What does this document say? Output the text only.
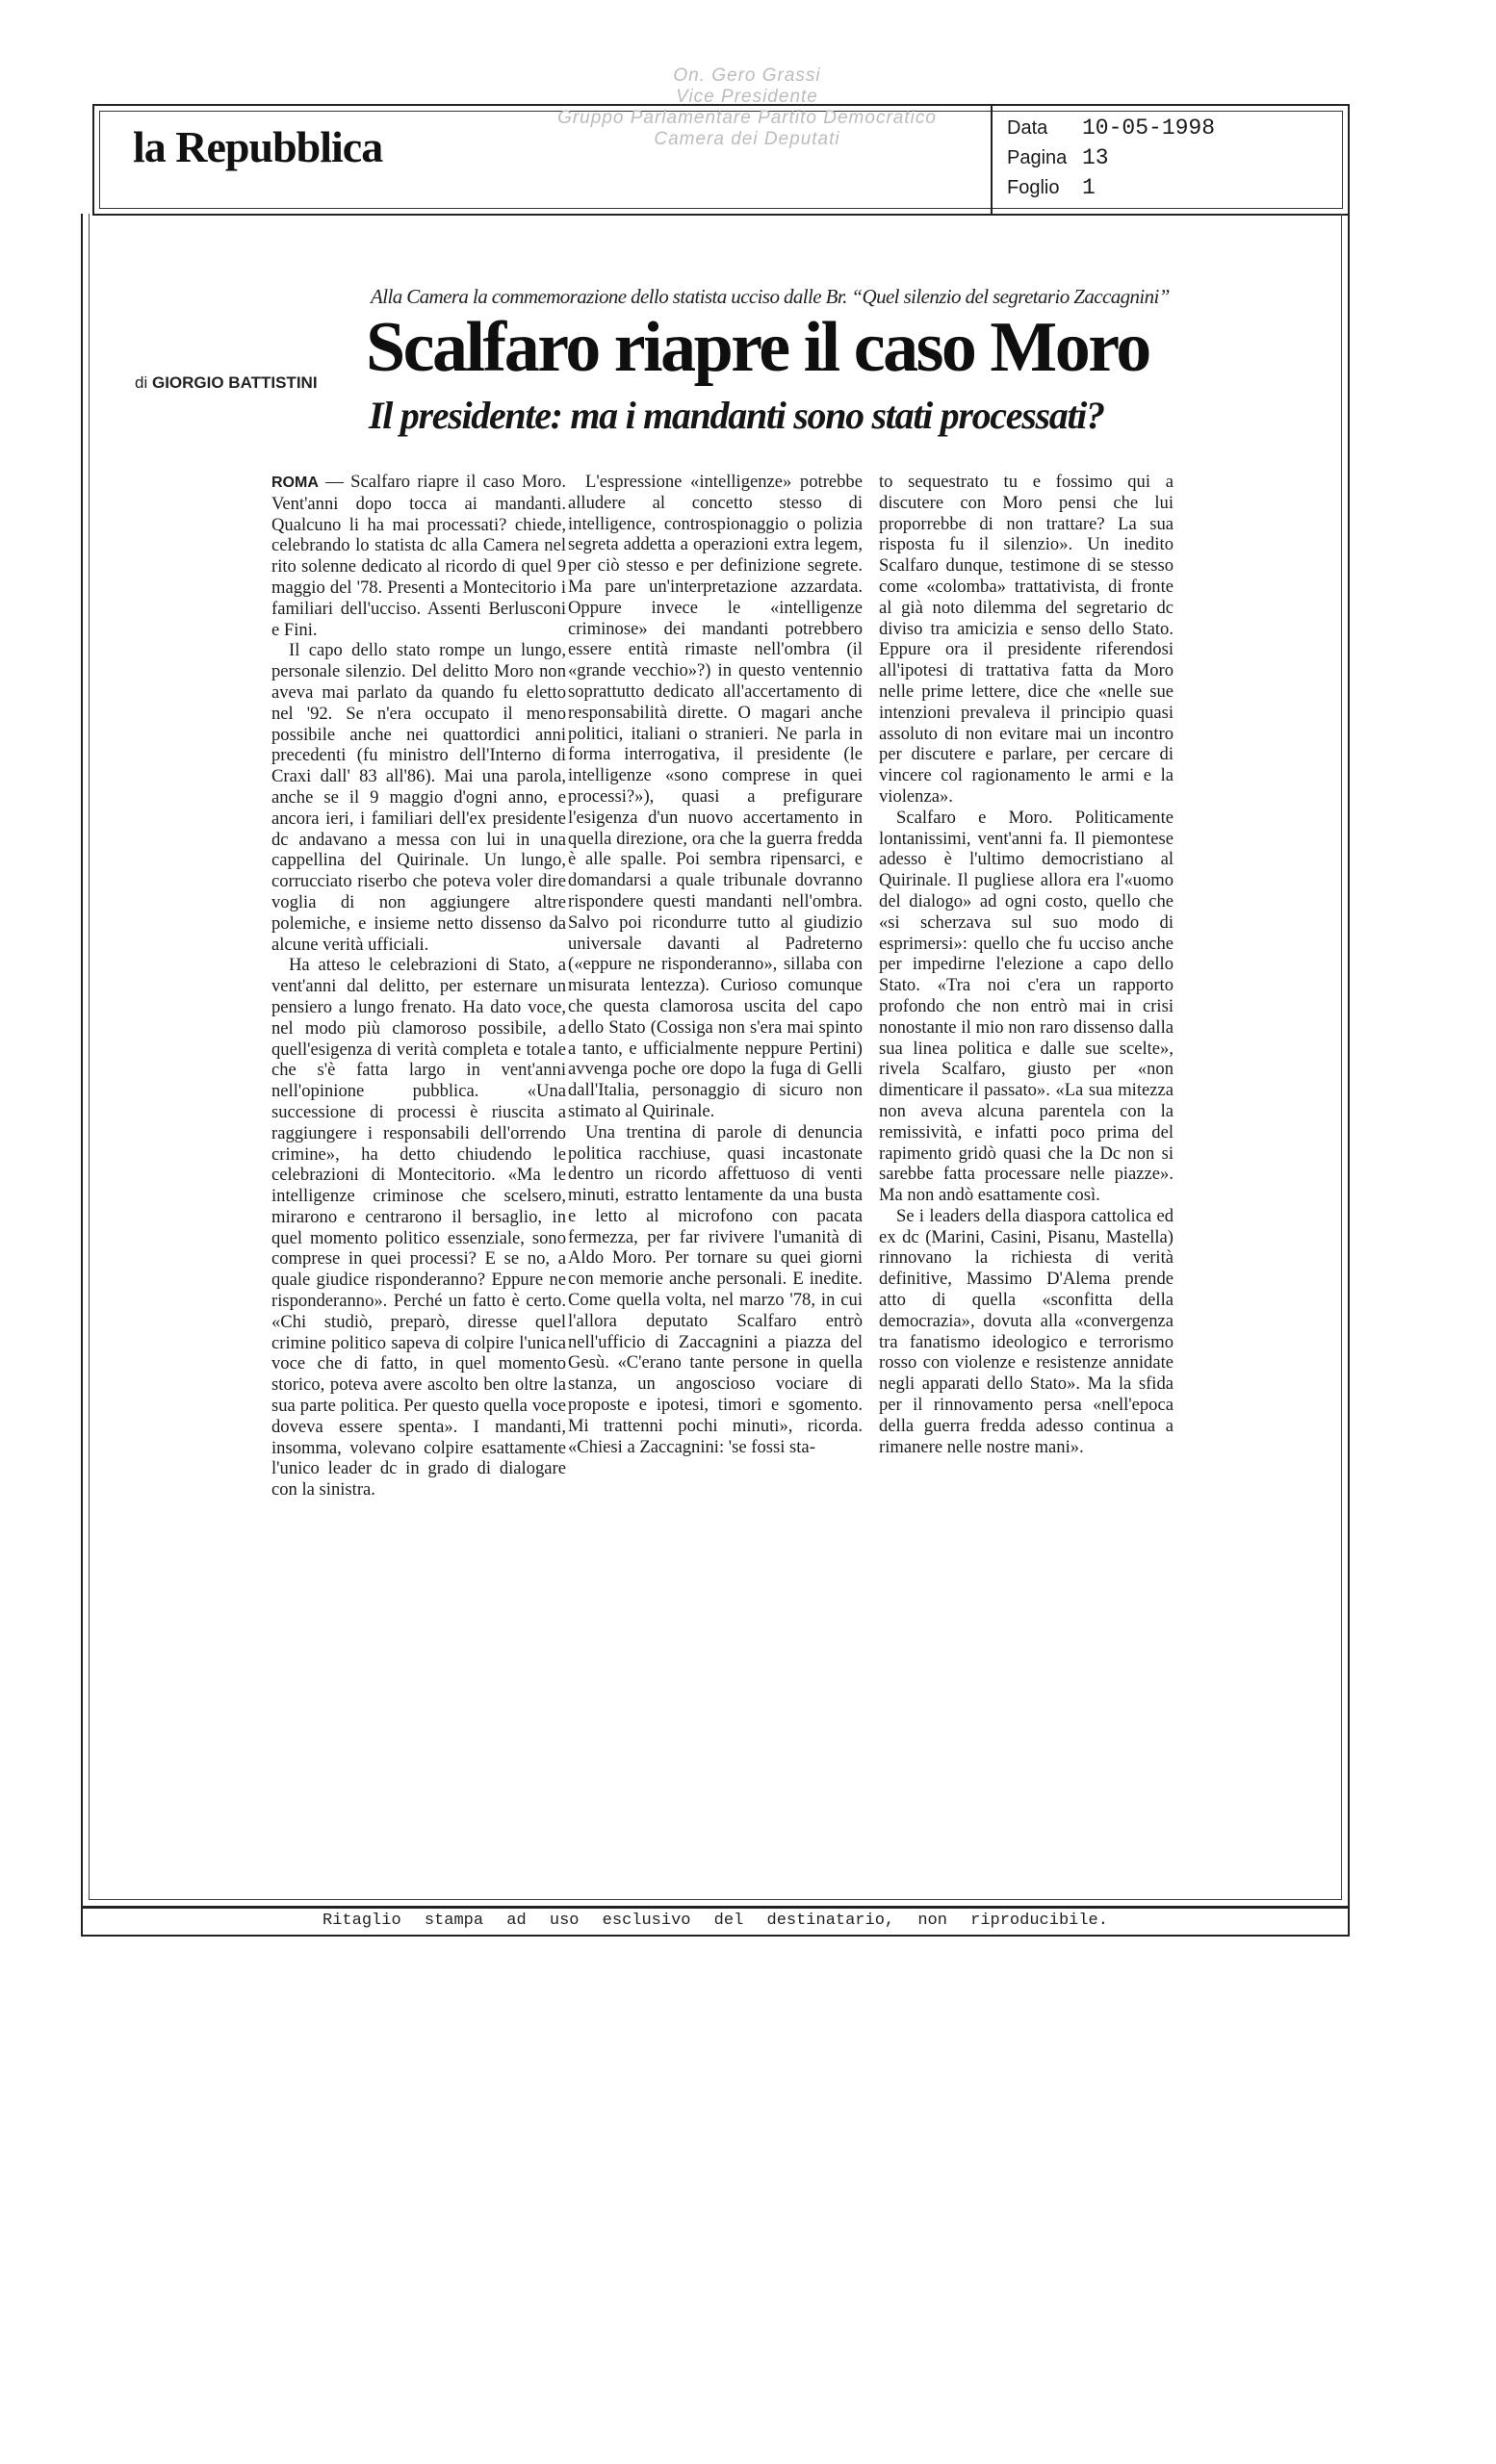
la Repubblica	Data 10-05-1998
Pagina 13
Foglio 1
On. Gero Grassi
Vice Presidente
Gruppo Parlamentare Partito Democratico
Camera dei Deputati
Alla Camera la commemorazione dello statista ucciso dalle Br. “Quel silenzio del segretario Zaccagnini”
Scalfaro riapre il caso Moro
Il presidente: ma i mandanti sono stati processati?
di GIORGIO BATTISTINI

ROMA — Scalfaro riapre il caso Moro. Vent'anni dopo tocca ai mandanti. Qualcuno li ha mai processati? chiede, celebrando lo statista dc alla Camera nel rito solenne dedicato al ricordo di quel 9 maggio del '78. Presenti a Montecitorio i familiari dell'ucciso. Assenti Berlusconi e Fini.

Il capo dello stato rompe un lungo, personale silenzio. Del delitto Moro non aveva mai parlato da quando fu eletto nel '92. Se n'era occupato il meno possibile anche nei quattordici anni precedenti (fu ministro dell'Interno di Craxi dall' 83 all'86). Mai una parola, anche se il 9 maggio d'ogni anno, e ancora ieri, i familiari dell'ex presidente dc andavano a messa con lui in una cappellina del Quirinale. Un lungo, corrucciato riserbo che poteva voler dire voglia di non aggiungere altre polemiche, e insieme netto dissenso da alcune verità ufficiali.

Ha atteso le celebrazioni di Stato, a vent'anni dal delitto, per esternare un pensiero a lungo frenato. Ha dato voce, nel modo più clamoroso possibile, a quell'esigenza di verità completa e totale che s'è fatta largo in vent'anni nell'opinione pubblica. «Una successione di processi è riuscita a raggiungere i responsabili dell'orrendo crimine», ha detto chiudendo le celebrazioni di Montecitorio. «Ma le intelligenze criminose che scelsero, mirarono e centrarono il bersaglio, in quel momento politico essenziale, sono comprese in quei processi? E se no, a quale giudice risponderanno? Eppure ne risponderanno». Perché un fatto è certo. «Chi studiò, preparò, diresse quel crimine politico sapeva di colpire l'unica voce che di fatto, in quel momento storico, poteva avere ascolto ben oltre la sua parte politica. Per questo quella voce doveva essere spenta». I mandanti, insomma, volevano colpire esattamente l'unico leader dc in grado di dialogare con la sinistra.

L'espressione «intelligenze» potrebbe alludere al concetto stesso di intelligence, controspionaggio o polizia segreta addetta a operazioni extra legem, per ciò stesso e per definizione segrete. Ma pare un'interpretazione azzardata. Oppure invece le «intelligenze criminose» dei mandanti potrebbero essere entità rimaste nell'ombra (il «grande vecchio»?) in questo ventennio soprattutto dedicato all'accertamento di responsabilità dirette. O magari anche politici, italiani o stranieri. Ne parla in forma interrogativa, il presidente (le intelligenze «sono comprese in quei processi?»), quasi a prefigurare l'esigenza d'un nuovo accertamento in quella direzione, ora che la guerra fredda è alle spalle. Poi sembra ripensarci, e domandarsi a quale tribunale dovranno rispondere questi mandanti nell'ombra. Salvo poi ricondurre tutto al giudizio universale davanti al Padreterno («eppure ne risponderanno», sillaba con misurata lentezza). Curioso comunque che questa clamorosa uscita del capo dello Stato (Cossiga non s'era mai spinto a tanto, e ufficialmente neppure Pertini) avvenga poche ore dopo la fuga di Gelli dall'Italia, personaggio di sicuro non stimato al Quirinale.

Una trentina di parole di denuncia politica racchiuse, quasi incastonate dentro un ricordo affettuoso di venti minuti, estratto lentamente da una busta e letto al microfono con pacata fermezza, per far rivivere l'umanità di Aldo Moro. Per tornare su quei giorni con memorie anche personali. E inedite. Come quella volta, nel marzo '78, in cui l'allora deputato Scalfaro entrò nell'ufficio di Zaccagnini a piazza del Gesù. «C'erano tante persone in quella stanza, un angoscioso vociare di proposte e ipotesi, timori e sgomento. Mi trattenni pochi minuti», ricorda. «Chiesi a Zaccagnini: 'se fossi sta-

to sequestrato tu e fossimo qui a discutere con Moro pensi che lui proporrebbe di non trattare? La sua risposta fu il silenzio». Un inedito Scalfaro dunque, testimone di se stesso come «colomba» trattativista, di fronte al già noto dilemma del segretario dc diviso tra amicizia e senso dello Stato. Eppure ora il presidente riferendosi all'ipotesi di trattativa fatta da Moro nelle prime lettere, dice che «nelle sue intenzioni prevaleva il principio quasi assoluto di non evitare mai un incontro per discutere e parlare, per cercare di vincere col ragionamento le armi e la violenza».

Scalfaro e Moro. Politicamente lontanissimi, vent'anni fa. Il piemontese adesso è l'ultimo democristiano al Quirinale. Il pugliese allora era l'«uomo del dialogo» ad ogni costo, quello che «si scherzava sul suo modo di esprimersi»: quello che fu ucciso anche per impedirne l'elezione a capo dello Stato. «Tra noi c'era un rapporto profondo che non entrò mai in crisi nonostante il mio non raro dissenso dalla sua linea politica e dalle sue scelte», rivela Scalfaro, giusto per «non dimenticare il passato». «La sua mitezza non aveva alcuna parentela con la remissività, e infatti poco prima del rapimento gridò quasi che la Dc non si sarebbe fatta processare nelle piazze». Ma non andò esattamente così.

Se i leaders della diaspora cattolica ed ex dc (Marini, Casini, Pisanu, Mastella) rinnovano la richiesta di verità definitive, Massimo D'Alema prende atto di quella «sconfitta della democrazia», dovuta alla «convergenza tra fanatismo ideologico e terrorismo rosso con violenze e resistenze annidate negli apparati dello Stato». Ma la sfida per il rinnovamento persa «nell'epoca della guerra fredda adesso continua a rimanere nelle nostre mani».

Ritaglio stampa ad uso esclusivo del destinatario, non riproducibile.
